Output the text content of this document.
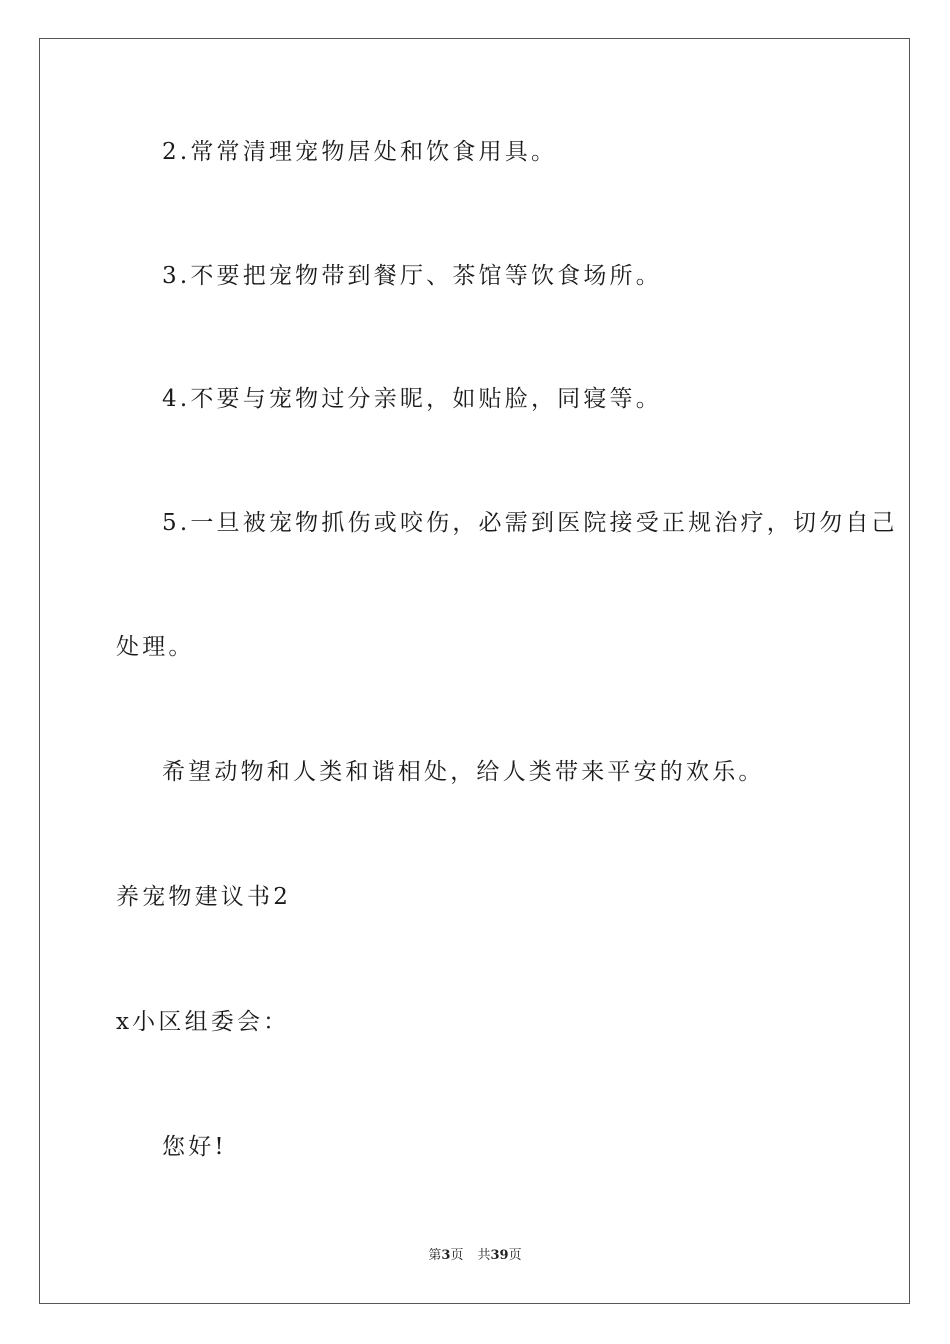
2.常常清理宠物居处和饮食用具。
3.不要把宠物带到餐厅、茶馆等饮食场所。
4.不要与宠物过分亲昵，如贴脸，同寝等。
5.一旦被宠物抓伤或咬伤，必需到医院接受正规治疗，切勿自己
处理。
希望动物和人类和谐相处，给人类带来平安的欢乐。
养宠物建议书2
x小区组委会：
您好!
第3页 共39页
